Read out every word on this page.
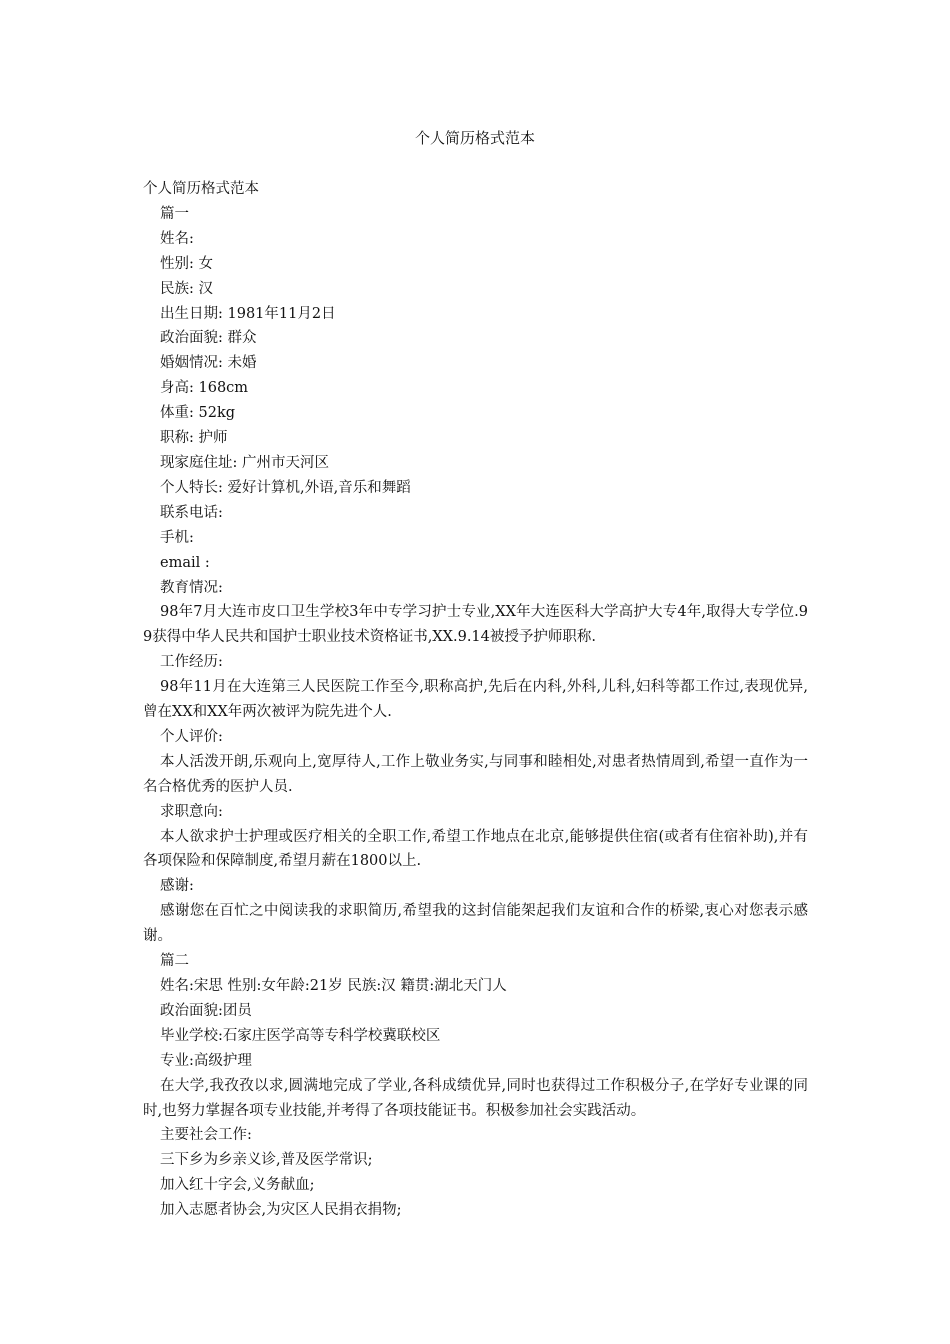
个人简历格式范本

个人简历格式范本

篇一

姓名:

性别: 女

民族: 汉

出生日期: 1981年11月2日

政治面貌: 群众

婚姻情况: 未婚

身高: 168cm

体重: 52kg

职称: 护师

现家庭住址: 广州市天河区

个人特长: 爱好计算机,外语,音乐和舞蹈

联系电话:

手机:

email :

教育情况:

98年7月大连市皮口卫生学校3年中专学习护士专业,XX年大连医科大学高护大专4年,取得大专学位.99获得中华人民共和国护士职业技术资格证书,XX.9.14被授予护师职称.

工作经历:

98年11月在大连第三人民医院工作至今,职称高护,先后在内科,外科,儿科,妇科等都工作过,表现优异,曾在XX和XX年两次被评为院先进个人.

个人评价:

本人活泼开朗,乐观向上,宽厚待人,工作上敬业务实,与同事和睦相处,对患者热情周到,希望一直作为一名合格优秀的医护人员.

求职意向:

本人欲求护士护理或医疗相关的全职工作,希望工作地点在北京,能够提供住宿(或者有住宿补助),并有各项保险和保障制度,希望月薪在1800以上.

感谢:

感谢您在百忙之中阅读我的求职简历,希望我的这封信能架起我们友谊和合作的桥梁,衷心对您表示感谢。

篇二

姓名:宋思 性别:女年龄:21岁 民族:汉 籍贯:湖北天门人

政治面貌:团员

毕业学校:石家庄医学高等专科学校冀联校区

专业:高级护理

在大学,我孜孜以求,圆满地完成了学业,各科成绩优异,同时也获得过工作积极分子,在学好专业课的同时,也努力掌握各项专业技能,并考得了各项技能证书。积极参加社会实践活动。

主要社会工作:

三下乡为乡亲义诊,普及医学常识;

加入红十字会,义务献血;

加入志愿者协会,为灾区人民捐衣捐物;
